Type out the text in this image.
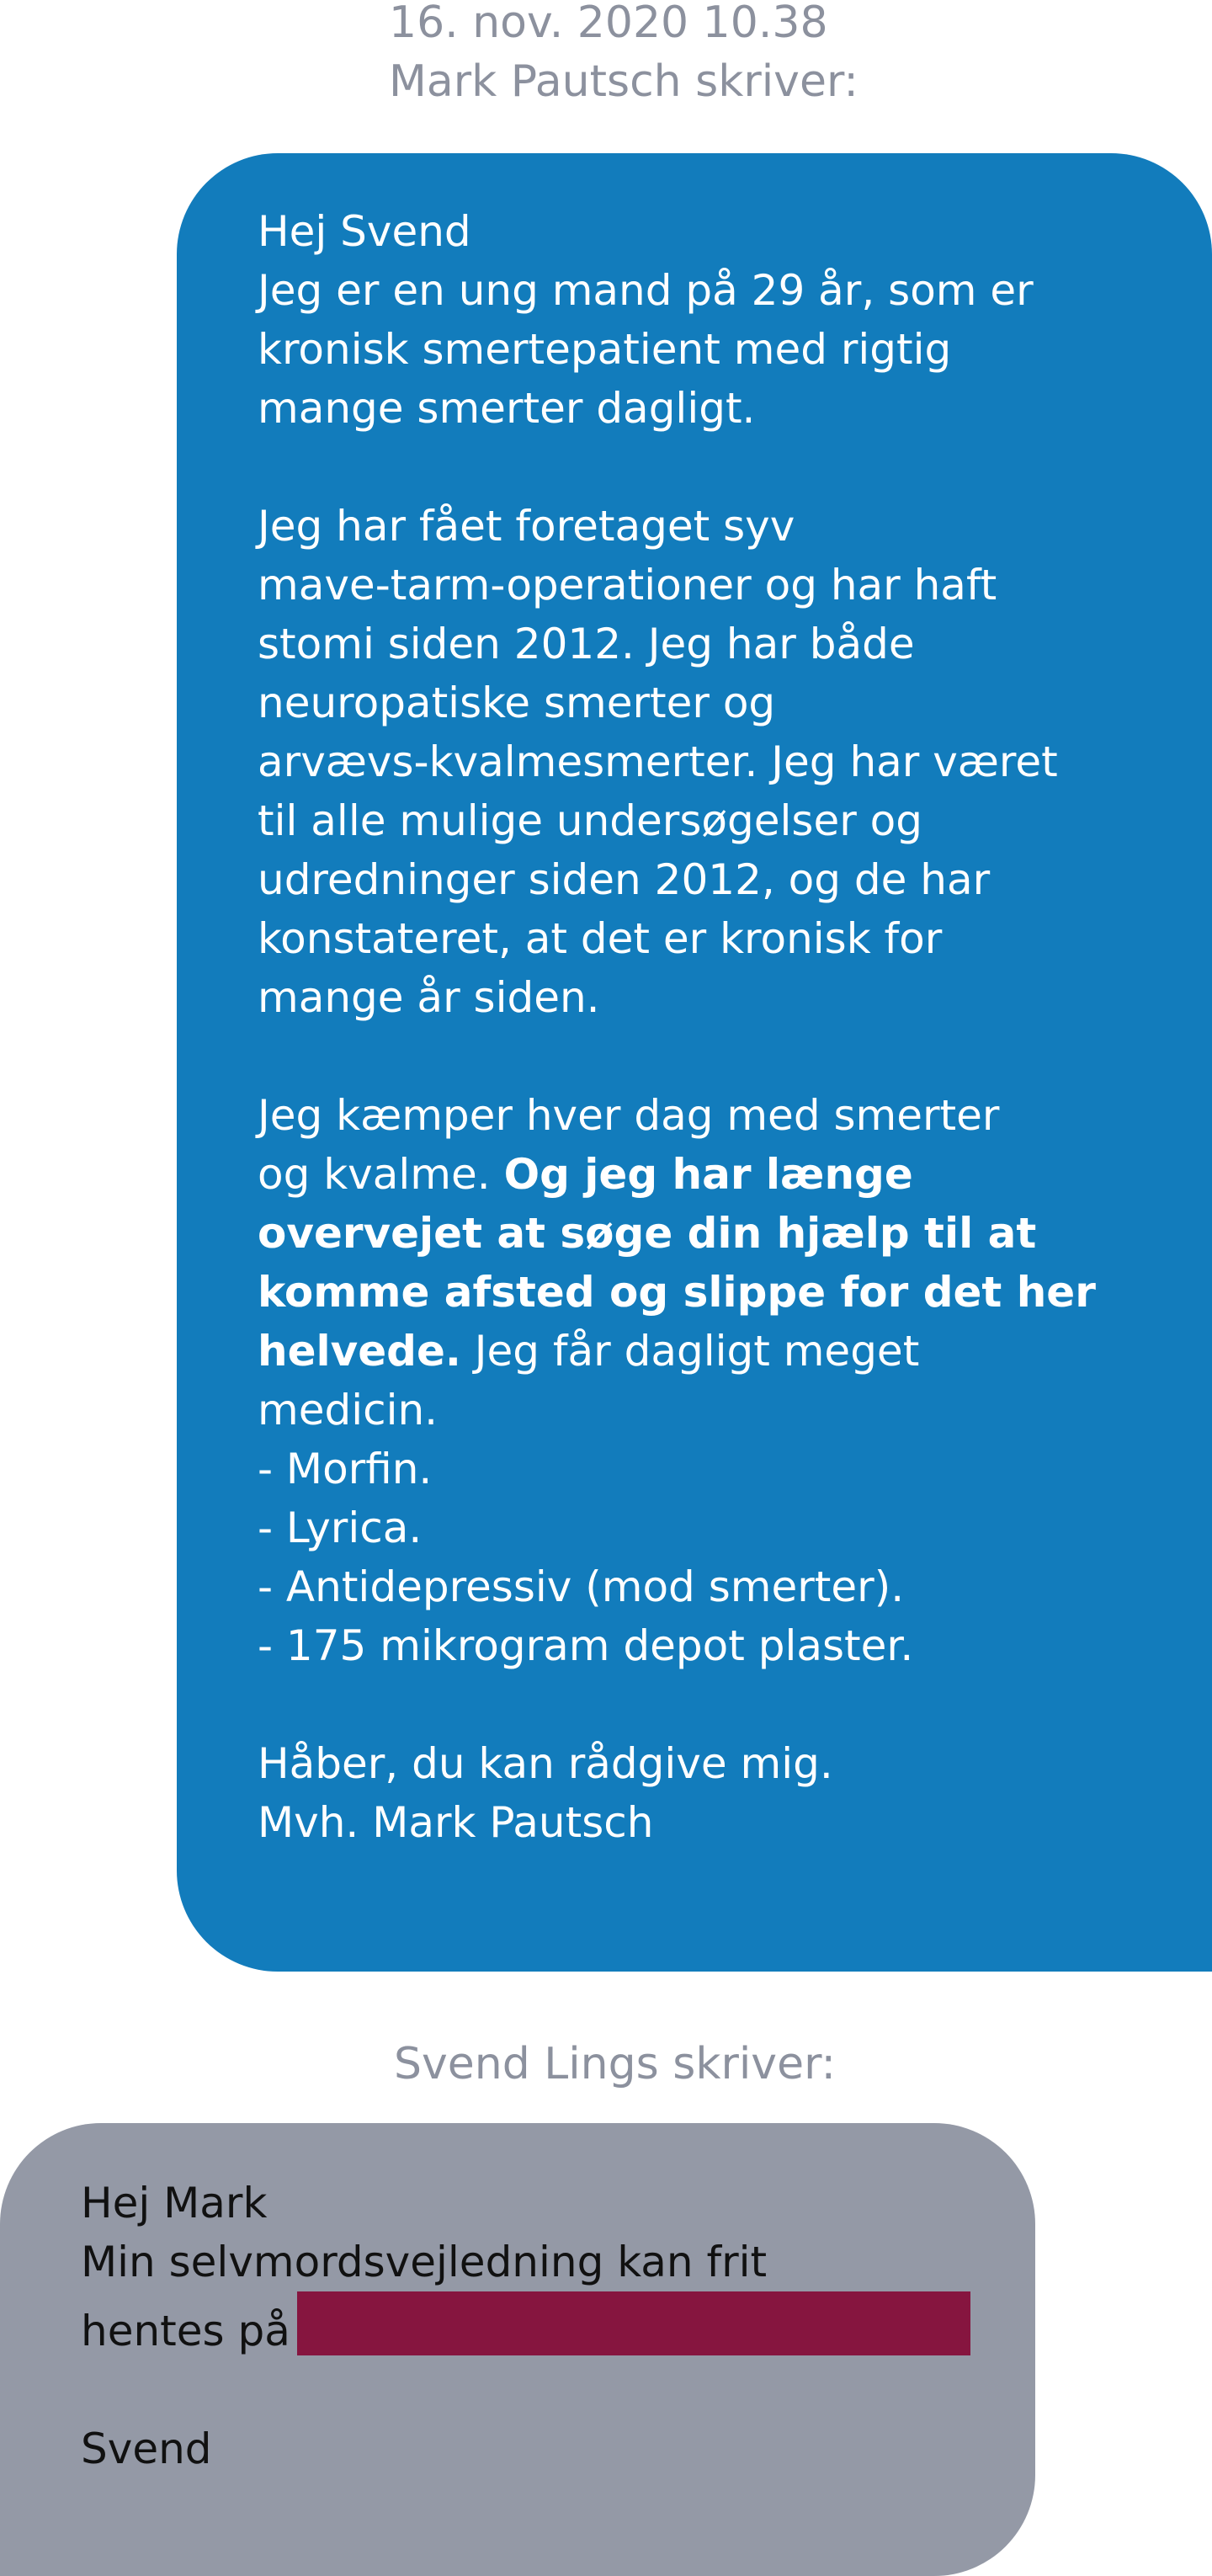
16. nov. 2020 10.38
Mark Pautsch skriver:
Hej Svend
Jeg er en ung mand på 29 år, som er
kronisk smertepatient med rigtig
mange smerter dagligt.
Jeg har fået foretaget syv
mave-tarm-operationer og har haft
stomi siden 2012. Jeg har både
neuropatiske smerter og
arvævs-kvalmesmerter. Jeg har været
til alle mulige undersøgelser og
udredninger siden 2012, og de har
konstateret, at det er kronisk for
mange år siden.
Jeg kæmper hver dag med smerter
og kvalme. Og jeg har længe
overvejet at søge din hjælp til at
komme afsted og slippe for det her
helvede. Jeg får dagligt meget
medicin.
- Morfin.
- Lyrica.
- Antidepressiv (mod smerter).
- 175 mikrogram depot plaster.
Håber, du kan rådgive mig.
Mvh. Mark Pautsch
Svend Lings skriver:
Hej Mark
Min selvmordsvejledning kan frit
hentes på
Svend
